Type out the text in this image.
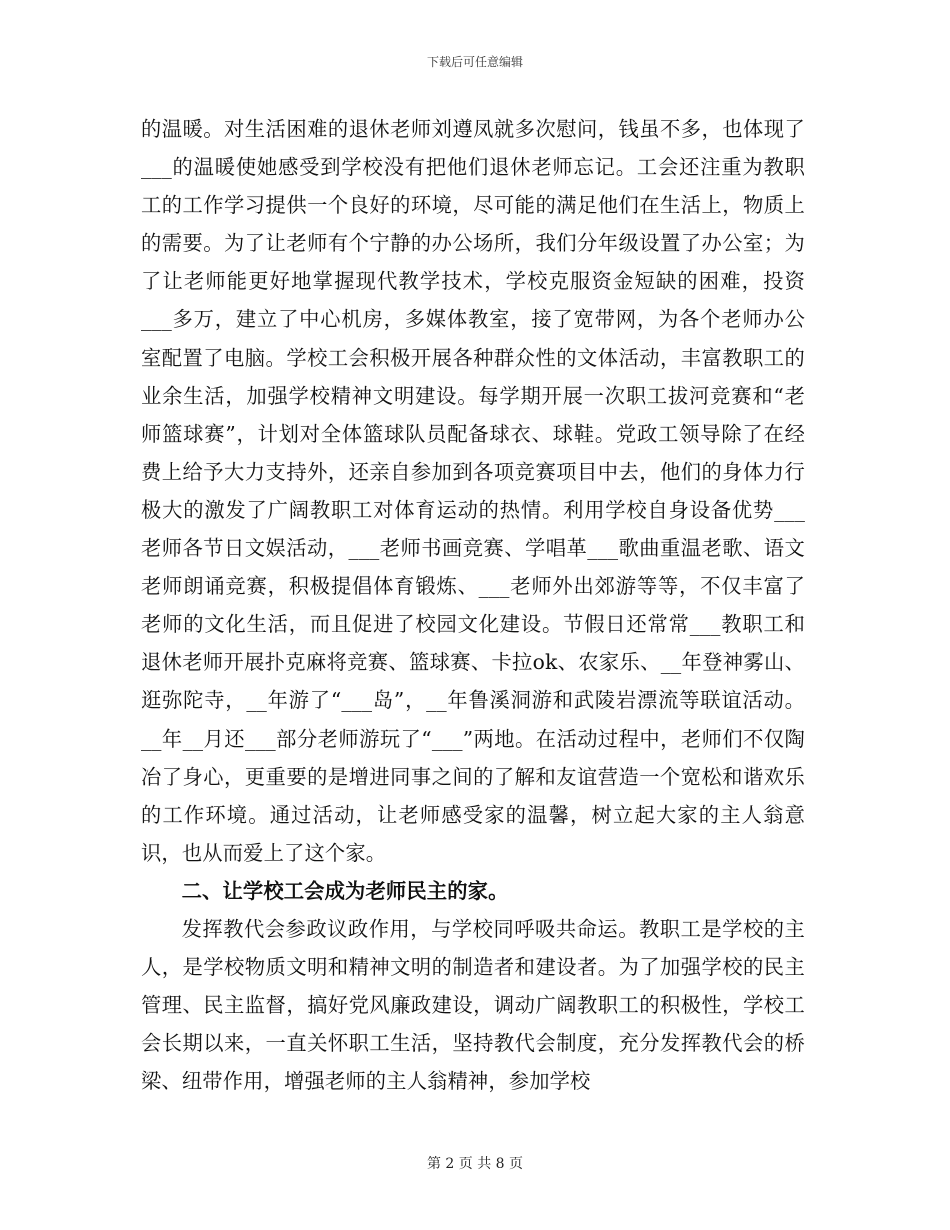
下载后可任意编辑

的温暖。对生活困难的退休老师刘遵凤就多次慰问，钱虽不多，也体现了___的温暖使她感受到学校没有把他们退休老师忘记。工会还注重为教职工的工作学习提供一个良好的环境，尽可能的满足他们在生活上，物质上的需要。为了让老师有个宁静的办公场所，我们分年级设置了办公室；为了让老师能更好地掌握现代教学技术，学校克服资金短缺的困难，投资___多万，建立了中心机房，多媒体教室，接了宽带网，为各个老师办公室配置了电脑。学校工会积极开展各种群众性的文体活动，丰富教职工的业余生活，加强学校精神文明建设。每学期开展一次职工拔河竞赛和“老师篮球赛”，计划对全体篮球队员配备球衣、球鞋。党政工领导除了在经费上给予大力支持外，还亲自参加到各项竞赛项目中去，他们的身体力行极大的激发了广阔教职工对体育运动的热情。利用学校自身设备优势___老师各节日文娱活动，___老师书画竞赛、学唱革___歌曲重温老歌、语文老师朗诵竞赛，积极提倡体育锻炼、___老师外出郊游等等，不仅丰富了老师的文化生活，而且促进了校园文化建设。节假日还常常___教职工和退休老师开展扑克麻将竞赛、篮球赛、卡拉ok、农家乐、__年登神雾山、逛弥陀寺，__年游了“___岛”，__年鲁溪洞游和武陵岩漂流等联谊活动。__年__月还___部分老师游玩了“___”两地。在活动过程中，老师们不仅陶冶了身心，更重要的是增进同事之间的了解和友谊营造一个宽松和谐欢乐的工作环境。通过活动，让老师感受家的温馨，树立起大家的主人翁意识，也从而爱上了这个家。

二、让学校工会成为老师民主的家。

发挥教代会参政议政作用，与学校同呼吸共命运。教职工是学校的主人，是学校物质文明和精神文明的制造者和建设者。为了加强学校的民主管理、民主监督，搞好党风廉政建设，调动广阔教职工的积极性，学校工会长期以来，一直关怀职工生活，坚持教代会制度，充分发挥教代会的桥梁、纽带作用，增强老师的主人翁精神，参加学校

第 2 页 共 8 页
